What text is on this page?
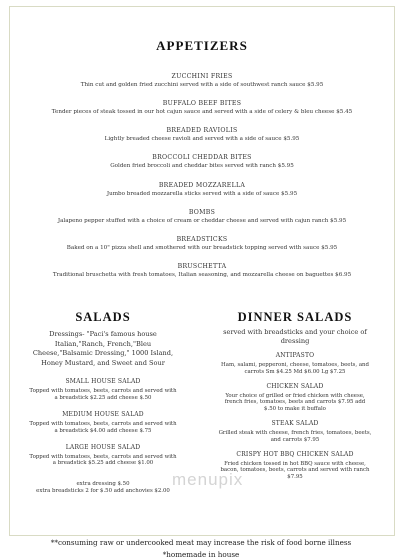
APPETIZERS
ZUCCHINI FRIES
Thin cut and golden fried zucchini served with a side of southwest ranch sauce $5.95
BUFFALO BEEF BITES
Tender pieces of steak tossed in our hot cajun sauce and served with a side of celery & bleu cheese $5.45
BREADED RAVIOLIS
Lightly breaded cheese ravioli and served with a side of sauce $5.95
BROCCOLI CHEDDAR BITES
Golden fried broccoli and cheddar bites served with ranch $5.95
BREADED MOZZARELLA
Jumbo breaded mozzarella sticks served with a side of sauce $5.95
BOMBS
Jalapeno pepper stuffed with a choice of cream or cheddar cheese and served with cajun ranch $5.95
BREADSTICKS
Baked on a 10" pizza shell and smothered with our breadstick topping served with sauce $5.95
BRUSCHETTA
Traditional bruschetta with fresh tomatoes, Italian seasoning, and mozzarella cheese on baguettes $6.95
SALADS
Dressings- "Paci's famous house
Italian,"Ranch, French,"Bleu
Cheese,"Balsamic Dressing," 1000 Island,
Honey Mustard, and Sweet and Sour
SMALL HOUSE SALAD
Topped with tomatoes, beets, carrots and served with
a breadstick $2.25 add cheese $.50
MEDIUM HOUSE SALAD
Topped with tomatoes, beets, carrots and served with
a breadstick $4.00 add cheese $.75
LARGE HOUSE SALAD
Topped with tomatoes, beets, carrots and served with
a breadstick $5.25 add cheese $1.00
extra dressing $.50
extra breadsticks 2 for $.50 add anchovies $2.00
DINNER SALADS
served with breadsticks and your choice of
dressing
ANTIPASTO
Ham, salami, pepperoni, cheese, tomatoes, beets, and
carrots Sm $4.25 Md $6.00 Lg $7.25
CHICKEN SALAD
Your choice of grilled or fried chicken with cheese,
french fries, tomatoes, beets and carrots $7.95 add
$.50 to make it buffalo
STEAK SALAD
Grilled steak with cheese, french fries, tomatoes, beets,
and carrots $7.95
CRISPY HOT BBQ CHICKEN SALAD
Fried chicken tossed in hot BBQ sauce with cheese,
bacon, tomatoes, beets, carrots and served with ranch
$7.95
menupix
**consuming raw or undercooked meat may increase the risk of food borne illness
*homemade in house
